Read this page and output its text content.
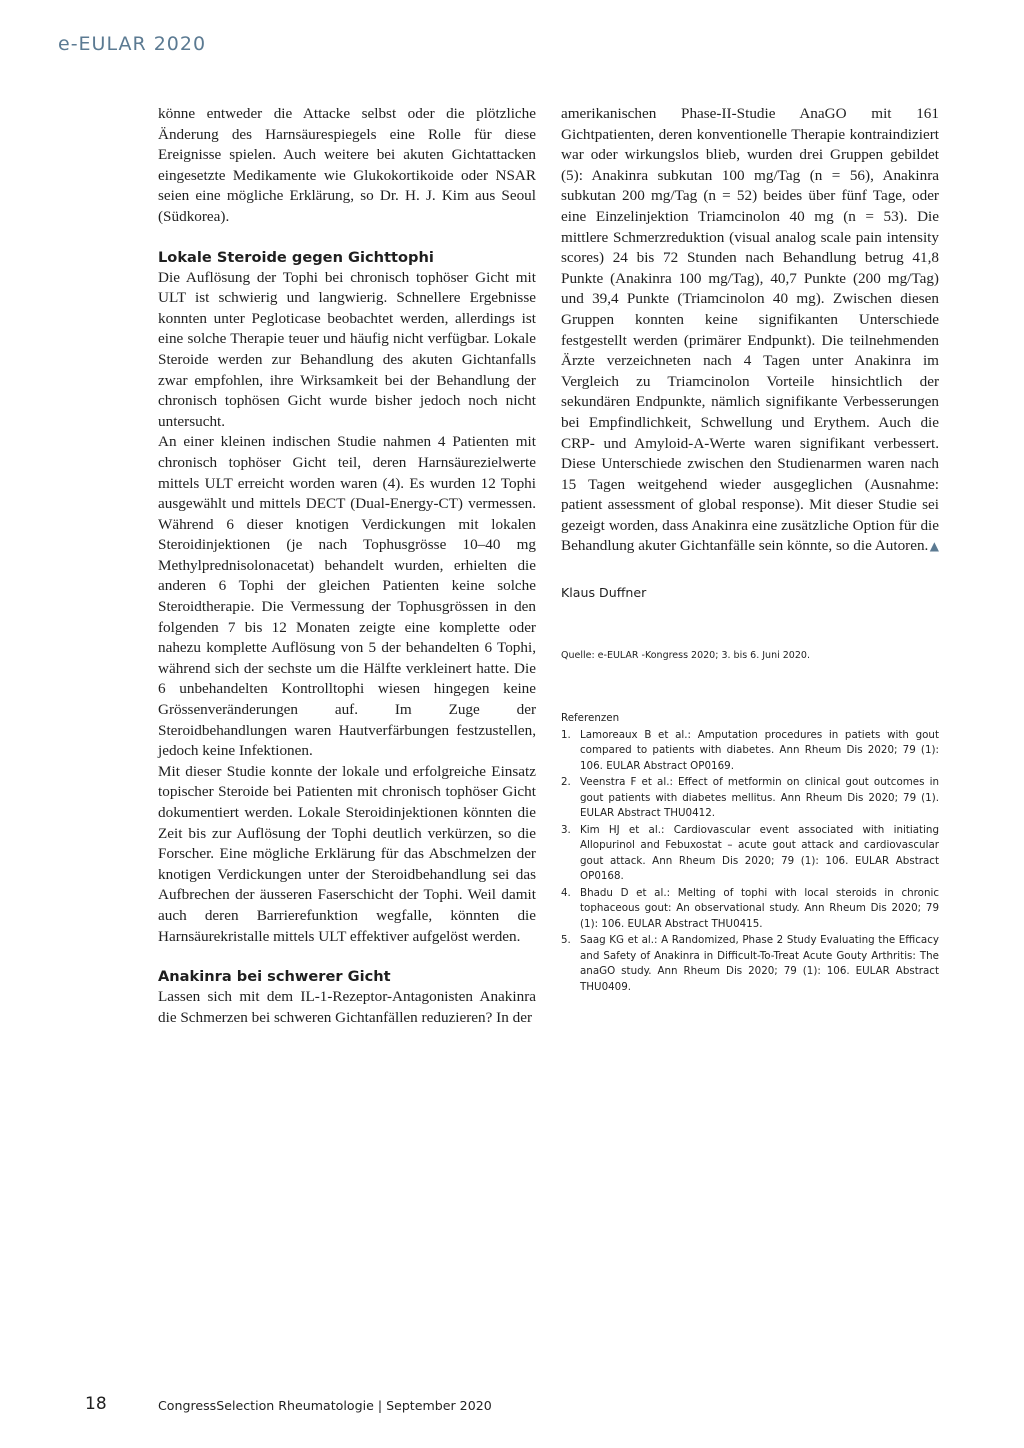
e-EULAR 2020

könne entweder die Attacke selbst oder die plötzliche Änderung des Harnsäurespiegels eine Rolle für diese Ereignisse spielen. Auch weitere bei akuten Gichtattacken eingesetzte Medikamente wie Glukokortikoide oder NSAR seien eine mögliche Erklärung, so Dr. H. J. Kim aus Seoul (Südkorea).

Lokale Steroide gegen Gichttophi

Die Auflösung der Tophi bei chronisch tophöser Gicht mit ULT ist schwierig und langwierig. Schnellere Ergebnisse konnten unter Pegloticase beobachtet werden, allerdings ist eine solche Therapie teuer und häufig nicht verfügbar. Lokale Steroide werden zur Behandlung des akuten Gichtanfalls zwar empfohlen, ihre Wirksamkeit bei der Behandlung der chronisch tophösen Gicht wurde bisher jedoch noch nicht untersucht.

An einer kleinen indischen Studie nahmen 4 Patienten mit chronisch tophöser Gicht teil, deren Harnsäurezielwerte mittels ULT erreicht worden waren (4). Es wurden 12 Tophi ausgewählt und mittels DECT (Dual-Energy-CT) vermessen. Während 6 dieser knotigen Verdickungen mit lokalen Steroidinjektionen (je nach Tophusgrösse 10–40 mg Methylprednisolonacetat) behandelt wurden, erhielten die anderen 6 Tophi der gleichen Patienten keine solche Steroidtherapie. Die Vermessung der Tophusgrössen in den folgenden 7 bis 12 Monaten zeigte eine komplette oder nahezu komplette Auflösung von 5 der behandelten 6 Tophi, während sich der sechste um die Hälfte verkleinert hatte. Die 6 unbehandelten Kontrolltophi wiesen hingegen keine Grössenveränderungen auf. Im Zuge der Steroidbehandlungen waren Hautverfärbungen festzustellen, jedoch keine Infektionen.

Mit dieser Studie konnte der lokale und erfolgreiche Einsatz topischer Steroide bei Patienten mit chronisch tophöser Gicht dokumentiert werden. Lokale Steroidinjektionen könnten die Zeit bis zur Auflösung der Tophi deutlich verkürzen, so die Forscher. Eine mögliche Erklärung für das Abschmelzen der knotigen Verdickungen unter der Steroidbehandlung sei das Aufbrechen der äusseren Faserschicht der Tophi. Weil damit auch deren Barrierefunktion wegfalle, könnten die Harnsäurekristalle mittels ULT effektiver aufgelöst werden.

Anakinra bei schwerer Gicht

Lassen sich mit dem IL-1-Rezeptor-Antagonisten Anakinra die Schmerzen bei schweren Gichtanfällen reduzieren? In der

amerikanischen Phase-II-Studie AnaGO mit 161 Gichtpatienten, deren konventionelle Therapie kontraindiziert war oder wirkungslos blieb, wurden drei Gruppen gebildet (5): Anakinra subkutan 100 mg/Tag (n = 56), Anakinra subkutan 200 mg/Tag (n = 52) beides über fünf Tage, oder eine Einzelinjektion Triamcinolon 40 mg (n = 53). Die mittlere Schmerzreduktion (visual analog scale pain intensity scores) 24 bis 72 Stunden nach Behandlung betrug 41,8 Punkte (Anakinra 100 mg/Tag), 40,7 Punkte (200 mg/Tag) und 39,4 Punkte (Triamcinolon 40 mg). Zwischen diesen Gruppen konnten keine signifikanten Unterschiede festgestellt werden (primärer Endpunkt). Die teilnehmenden Ärzte verzeichneten nach 4 Tagen unter Anakinra im Vergleich zu Triamcinolon Vorteile hinsichtlich der sekundären Endpunkte, nämlich signifikante Verbesserungen bei Empfindlichkeit, Schwellung und Erythem. Auch die CRP- und Amyloid-A-Werte waren signifikant verbessert. Diese Unterschiede zwischen den Studienarmen waren nach 15 Tagen weitgehend wieder ausgeglichen (Ausnahme: patient assessment of global response). Mit dieser Studie sei gezeigt worden, dass Anakinra eine zusätzliche Option für die Behandlung akuter Gichtanfälle sein könnte, so die Autoren. ▲

Klaus Duffner
Quelle: e-EULAR -Kongress 2020; 3. bis 6. Juni 2020.
Referenzen
1. Lamoreaux B et al.: Amputation procedures in patiets with gout compared to patients with diabetes. Ann Rheum Dis 2020; 79 (1): 106. EULAR Abstract OP0169.
2. Veenstra F et al.: Effect of metformin on clinical gout outcomes in gout patients with diabetes mellitus. Ann Rheum Dis 2020; 79 (1). EULAR Abstract THU0412.
3. Kim HJ et al.: Cardiovascular event associated with initiating Allopurinol and Febuxostat – acute gout attack and cardiovascular gout attack. Ann Rheum Dis 2020; 79 (1): 106. EULAR Abstract OP0168.
4. Bhadu D et al.: Melting of tophi with local steroids in chronic tophaceous gout: An observational study. Ann Rheum Dis 2020; 79 (1): 106. EULAR Abstract THU0415.
5. Saag KG et al.: A Randomized, Phase 2 Study Evaluating the Efficacy and Safety of Anakinra in Difficult-To-Treat Acute Gouty Arthritis: The anaGO study. Ann Rheum Dis 2020; 79 (1): 106. EULAR Abstract THU0409.
18	CongressSelection Rheumatologie | September 2020
